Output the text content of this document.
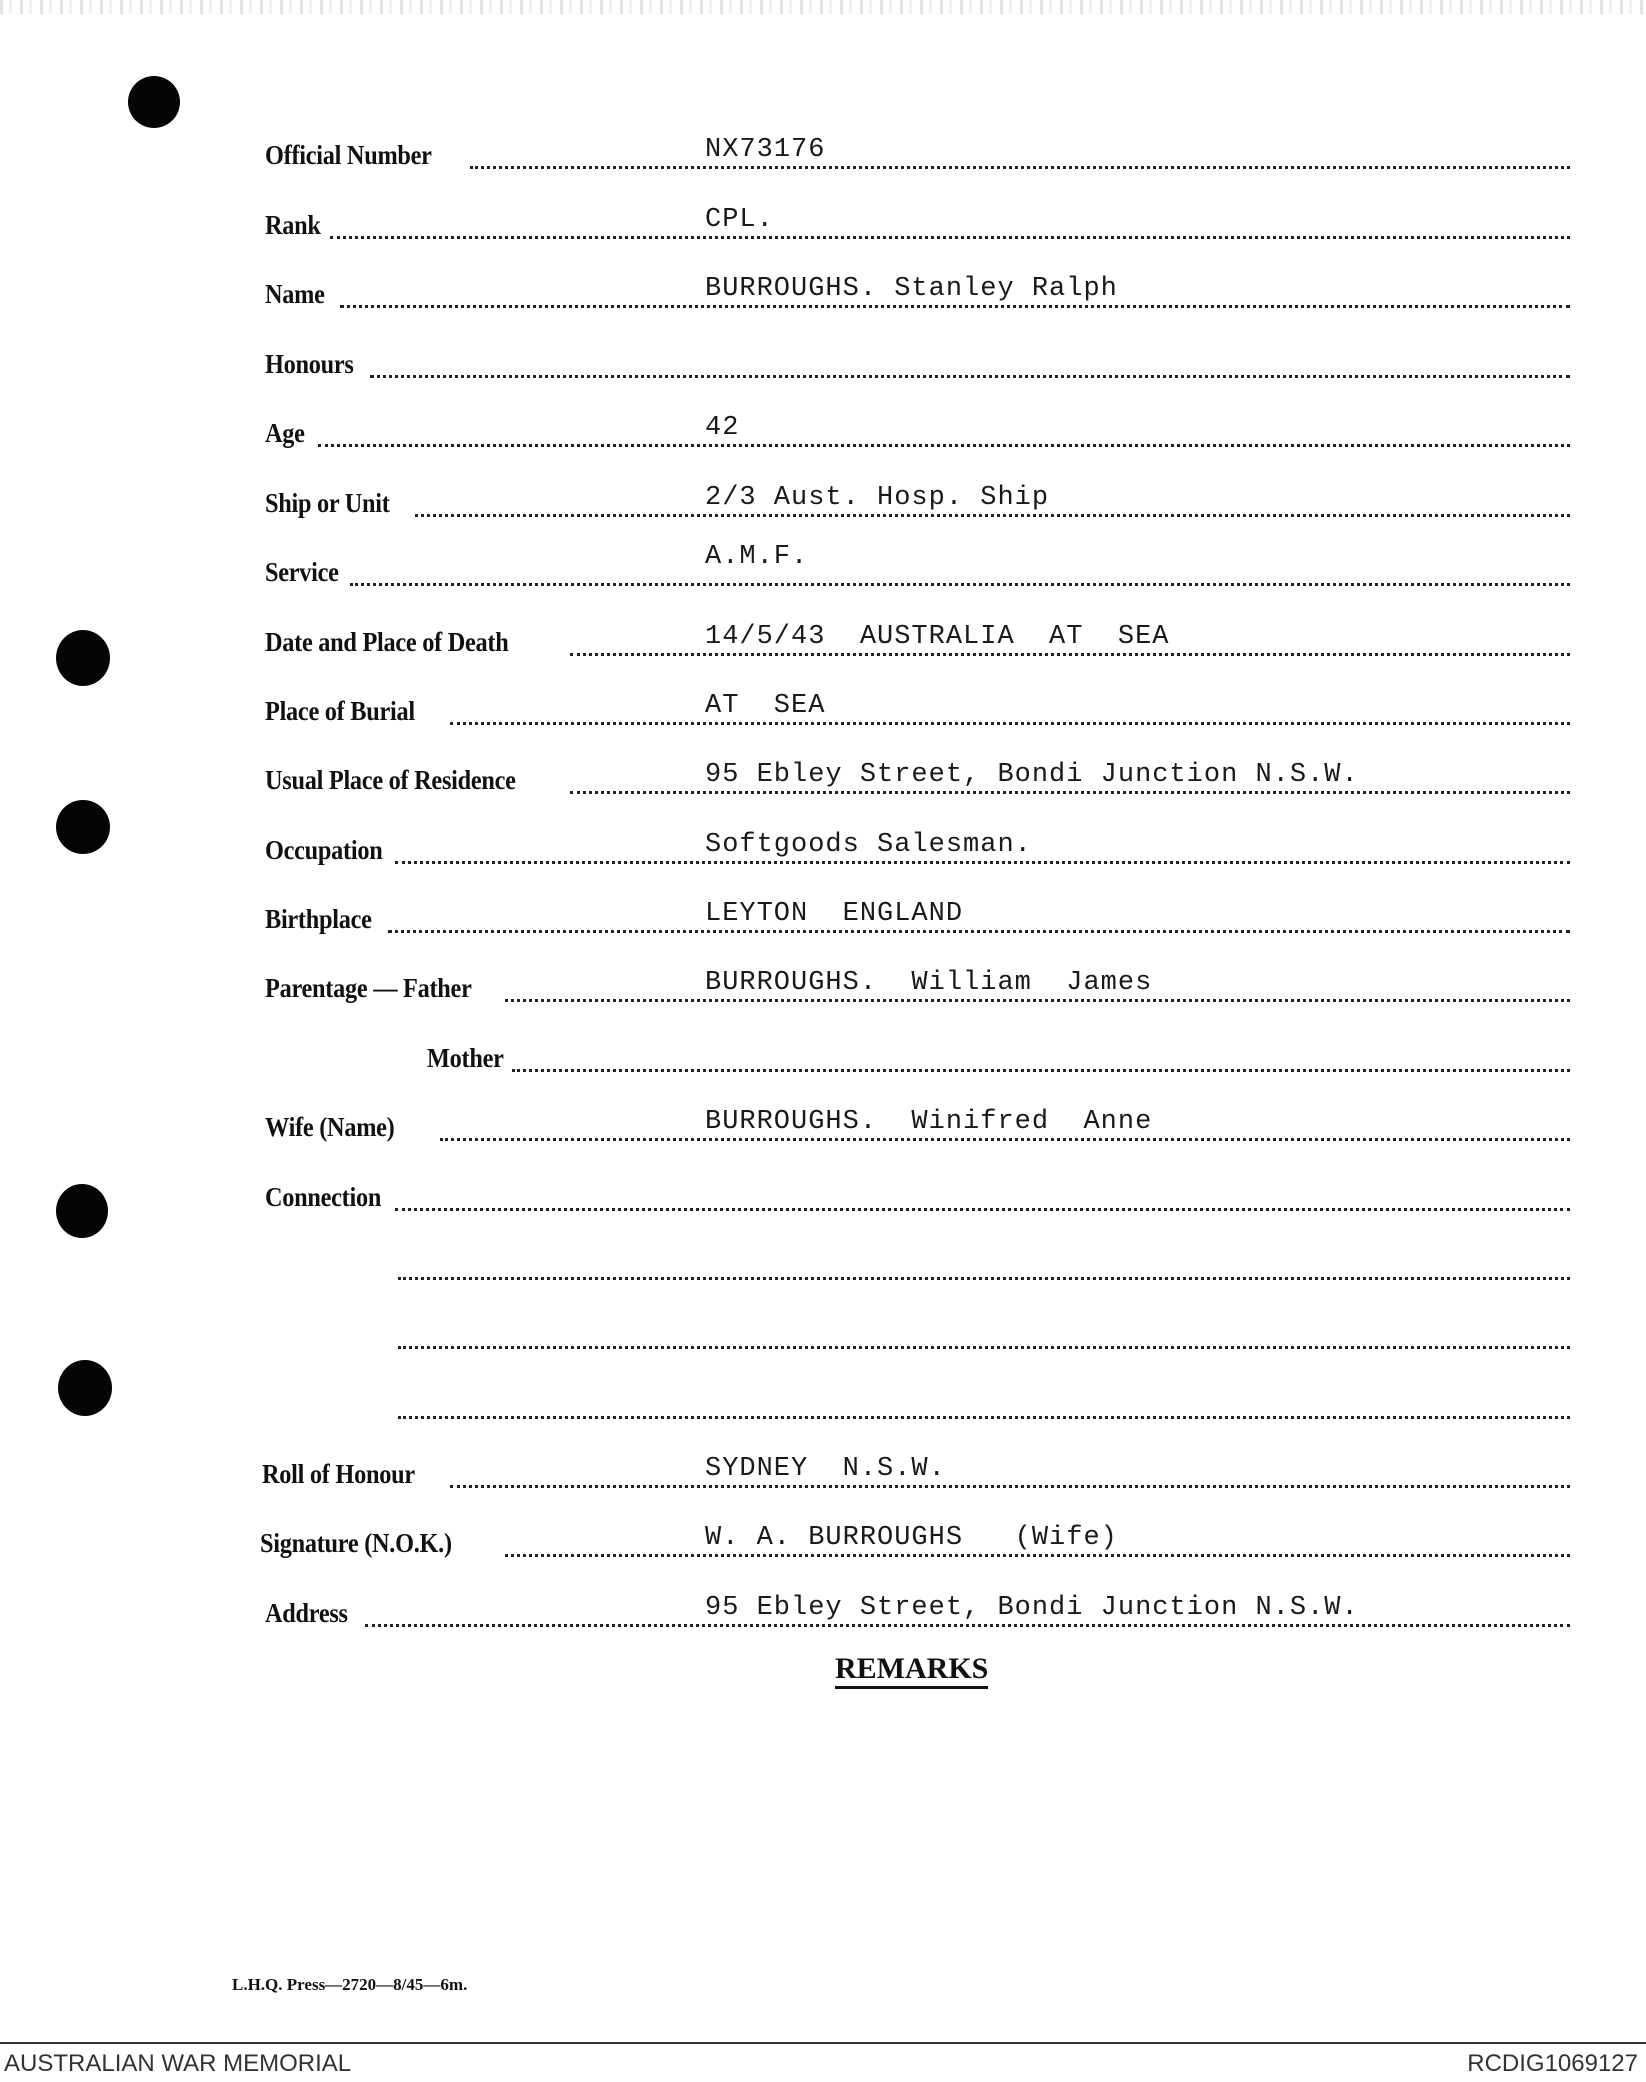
Official Number	NX73176
Rank	CPL.
Name	BURROUGHS. Stanley Ralph
Honours
Age	42
Ship or Unit	2/3 Aust. Hosp. Ship
Service	A.M.F.
Date and Place of Death	14/5/43  AUSTRALIA  AT  SEA
Place of Burial	AT  SEA
Usual Place of Residence	95 Ebley Street, Bondi Junction N.S.W.
Occupation	Softgoods Salesman.
Birthplace	LEYTON  ENGLAND
Parentage — Father	BURROUGHS.  William  James
Mother
Wife (Name)	BURROUGHS.  Winifred  Anne
Connection
Roll of Honour	SYDNEY  N.S.W.
Signature (N.O.K.)	W. A. BURROUGHS   (Wife)
Address	95 Ebley Street, Bondi Junction N.S.W.
REMARKS
L.H.Q. Press—2720—8/45—6m.
AUSTRALIAN WAR MEMORIAL	RCDIG1069127
